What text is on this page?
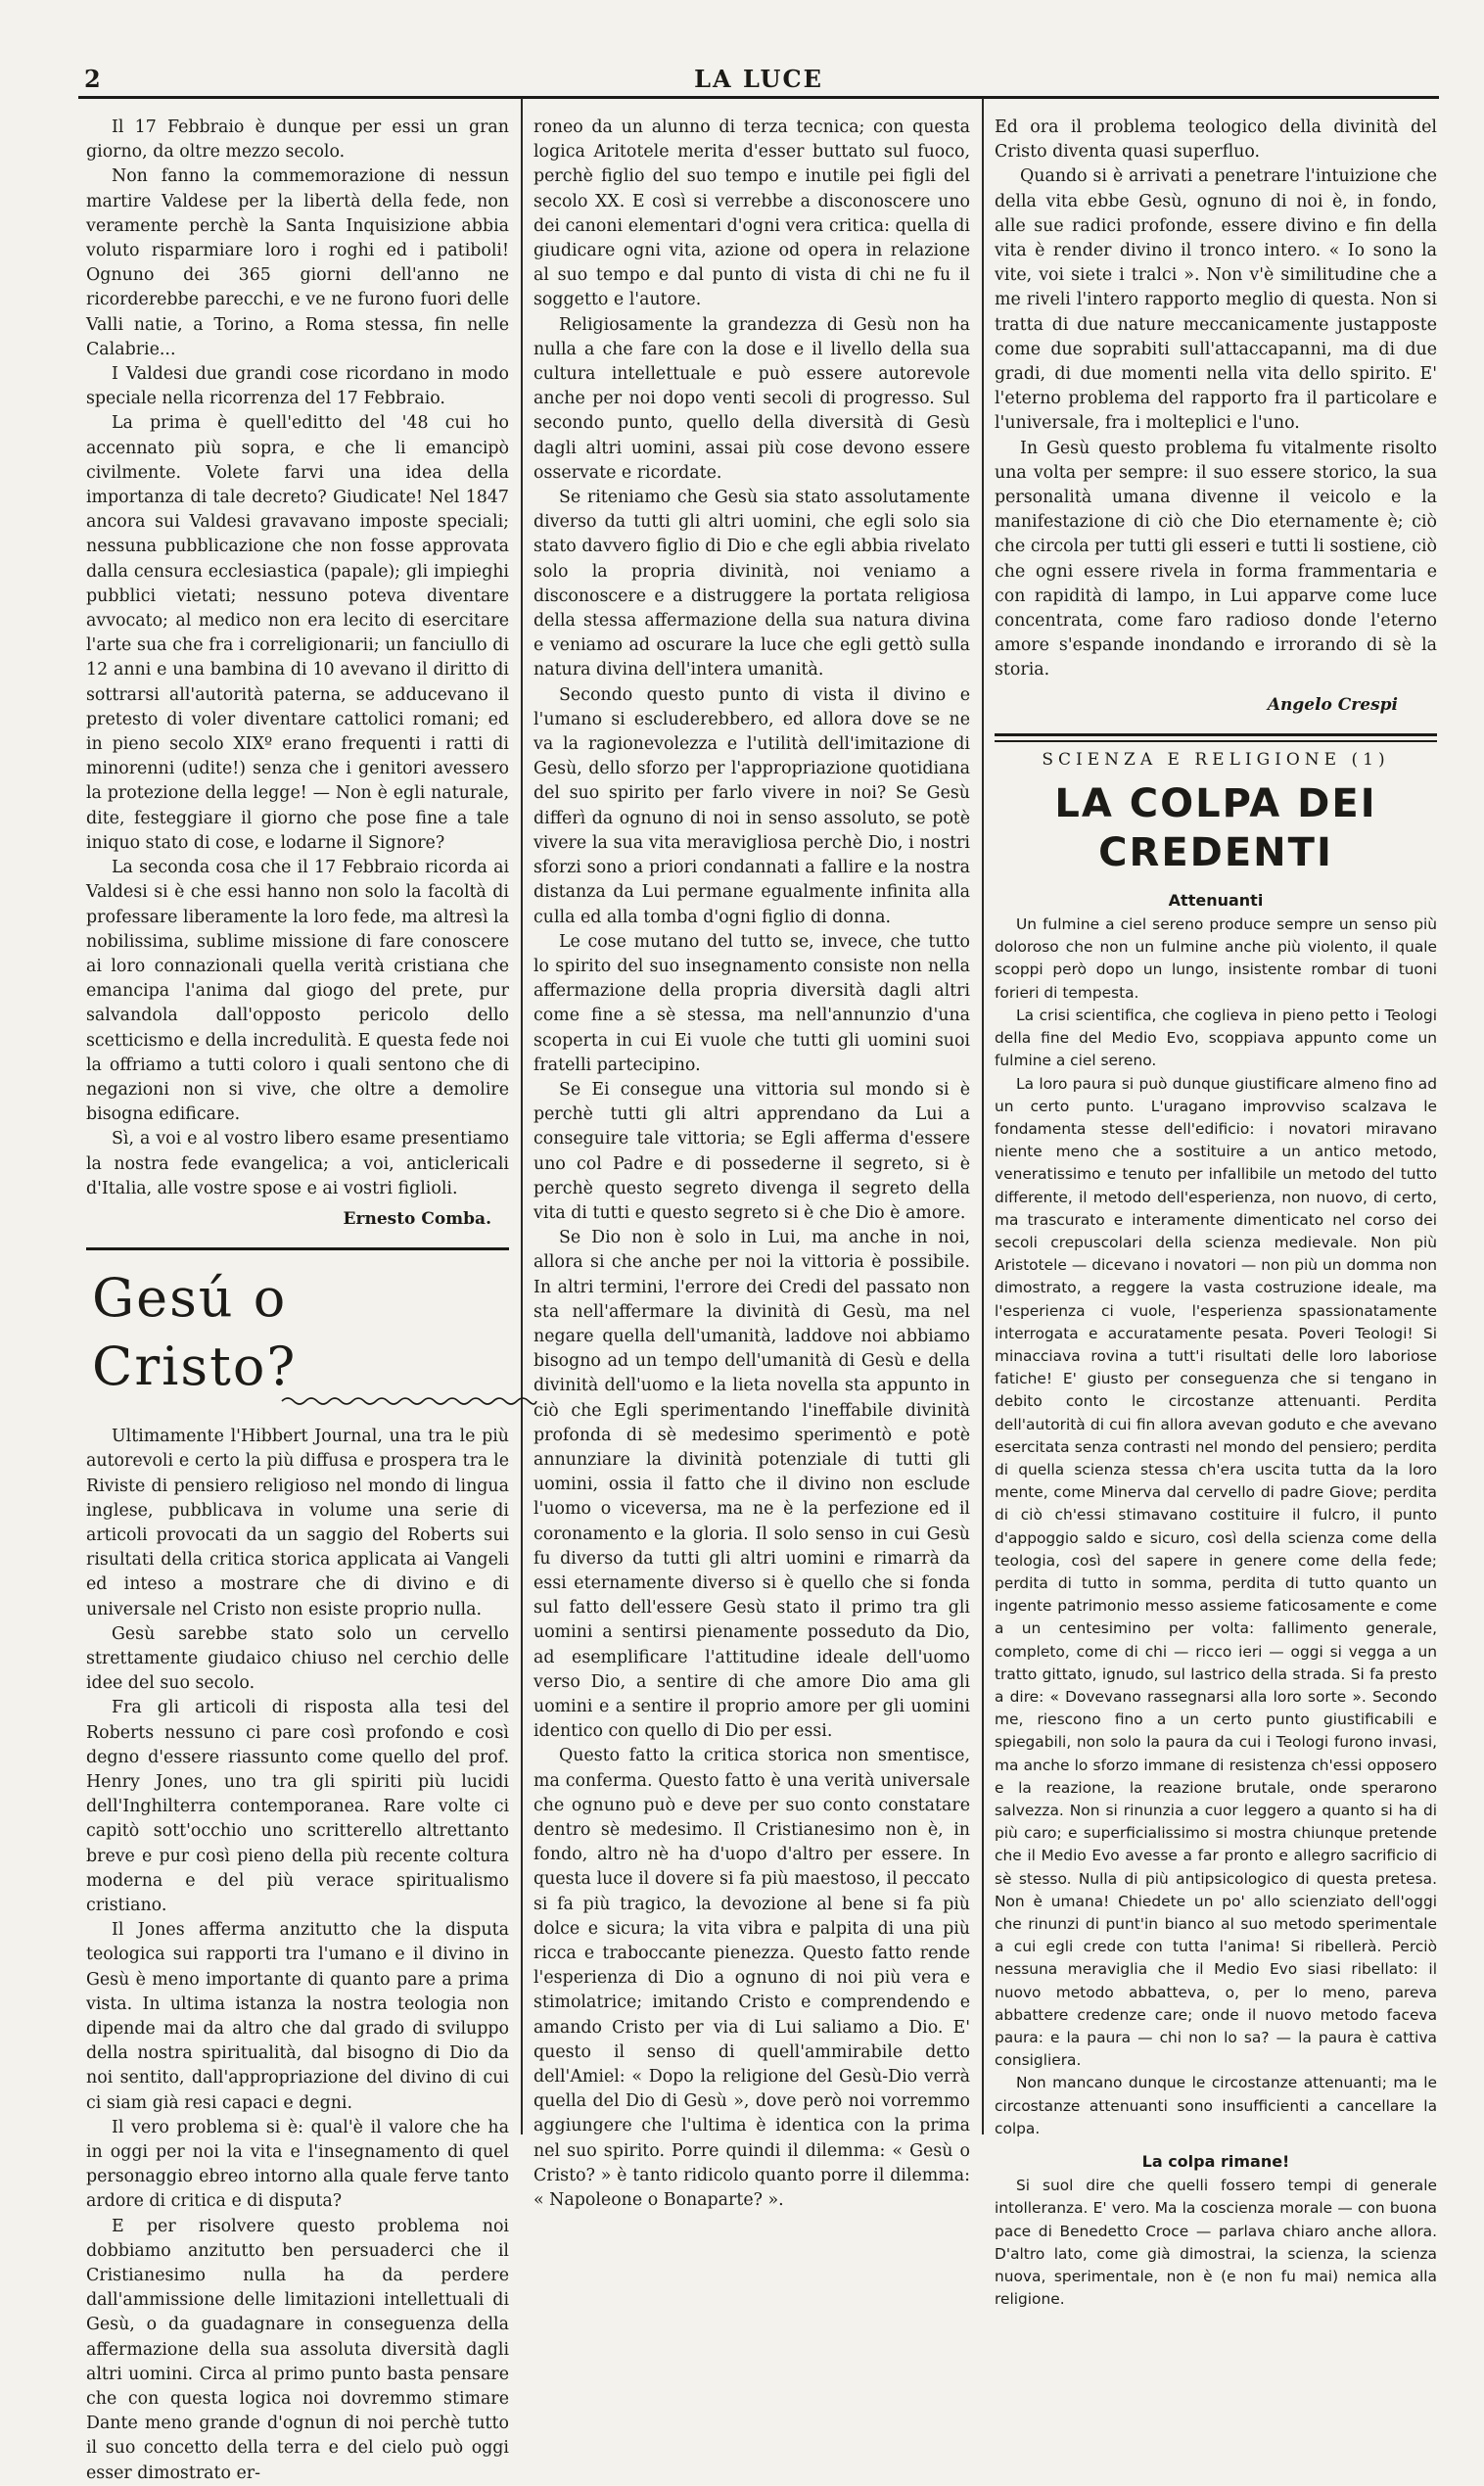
2	LA LUCE

Il 17 Febbraio è dunque per essi un gran giorno, da oltre mezzo secolo.

Non fanno la commemorazione di nessun martire Valdese per la libertà della fede, non veramente perchè la Santa Inquisizione abbia voluto risparmiare loro i roghi ed i patiboli! Ognuno dei 365 giorni dell'anno ne ricorderebbe parecchi, e ve ne furono fuori delle Valli natie, a Torino, a Roma stessa, fin nelle Calabrie...

I Valdesi due grandi cose ricordano in modo speciale nella ricorrenza del 17 Febbraio.

La prima è quell'editto del '48 cui ho accennato più sopra, e che li emancipò civilmente. Volete farvi una idea della importanza di tale decreto? Giudicate! Nel 1847 ancora sui Valdesi gravavano imposte speciali; nessuna pubblicazione che non fosse approvata dalla censura ecclesiastica (papale); gli impieghi pubblici vietati; nessuno poteva diventare avvocato; al medico non era lecito di esercitare l'arte sua che fra i correligionarii; un fanciullo di 12 anni e una bambina di 10 avevano il diritto di sottrarsi all'autorità paterna, se adducevano il pretesto di voler diventare cattolici romani; ed in pieno secolo XIXº erano frequenti i ratti di minorenni (udite!) senza che i genitori avessero la protezione della legge! — Non è egli naturale, dite, festeggiare il giorno che pose fine a tale iniquo stato di cose, e lodarne il Signore?

La seconda cosa che il 17 Febbraio ricorda ai Valdesi si è che essi hanno non solo la facoltà di professare liberamente la loro fede, ma altresì la nobilissima, sublime missione di fare conoscere ai loro connazionali quella verità cristiana che emancipa l'anima dal giogo del prete, pur salvandola dall'opposto pericolo dello scetticismo e della incredulità. E questa fede noi la offriamo a tutti coloro i quali sentono che di negazioni non si vive, che oltre a demolire bisogna edificare.

Sì, a voi e al vostro libero esame presentiamo la nostra fede evangelica; a voi, anticlericali d'Italia, alle vostre spose e ai vostri figlioli.

Ernesto Comba.

Gesú o Cristo?

Ultimamente l'Hibbert Journal, una tra le più autorevoli e certo la più diffusa e prospera tra le Riviste di pensiero religioso nel mondo di lingua inglese, pubblicava in volume una serie di articoli provocati da un saggio del Roberts sui risultati della critica storica applicata ai Vangeli ed inteso a mostrare che di divino e di universale nel Cristo non esiste proprio nulla.

Gesù sarebbe stato solo un cervello strettamente giudaico chiuso nel cerchio delle idee del suo secolo.

Fra gli articoli di risposta alla tesi del Roberts nessuno ci pare così profondo e così degno d'essere riassunto come quello del prof. Henry Jones, uno tra gli spiriti più lucidi dell'Inghilterra contemporanea. Rare volte ci capitò sott'occhio uno scritterello altrettanto breve e pur così pieno della più recente coltura moderna e del più verace spiritualismo cristiano.

Il Jones afferma anzitutto che la disputa teologica sui rapporti tra l'umano e il divino in Gesù è meno importante di quanto pare a prima vista. In ultima istanza la nostra teologia non dipende mai da altro che dal grado di sviluppo della nostra spiritualità, dal bisogno di Dio da noi sentito, dall'appropriazione del divino di cui ci siam già resi capaci e degni.

Il vero problema si è: qual'è il valore che ha in oggi per noi la vita e l'insegnamento di quel personaggio ebreo intorno alla quale ferve tanto ardore di critica e di disputa?

E per risolvere questo problema noi dobbiamo anzitutto ben persuaderci che il Cristianesimo nulla ha da perdere dall'ammissione delle limitazioni intellettuali di Gesù, o da guadagnare in conseguenza della affermazione della sua assoluta diversità dagli altri uomini. Circa al primo punto basta pensare che con questa logica noi dovremmo stimare Dante meno grande d'ognun di noi perchè tutto il suo concetto della terra e del cielo può oggi esser dimostrato er-

roneo da un alunno di terza tecnica; con questa logica Aritotele merita d'esser buttato sul fuoco, perchè figlio del suo tempo e inutile pei figli del secolo XX. E così si verrebbe a disconoscere uno dei canoni elementari d'ogni vera critica: quella di giudicare ogni vita, azione od opera in relazione al suo tempo e dal punto di vista di chi ne fu il soggetto e l'autore.

Religiosamente la grandezza di Gesù non ha nulla a che fare con la dose e il livello della sua cultura intellettuale e può essere autorevole anche per noi dopo venti secoli di progresso. Sul secondo punto, quello della diversità di Gesù dagli altri uomini, assai più cose devono essere osservate e ricordate.

Se riteniamo che Gesù sia stato assolutamente diverso da tutti gli altri uomini, che egli solo sia stato davvero figlio di Dio e che egli abbia rivelato solo la propria divinità, noi veniamo a disconoscere e a distruggere la portata religiosa della stessa affermazione della sua natura divina e veniamo ad oscurare la luce che egli gettò sulla natura divina dell'intera umanità.

Secondo questo punto di vista il divino e l'umano si escluderebbero, ed allora dove se ne va la ragionevolezza e l'utilità dell'imitazione di Gesù, dello sforzo per l'appropriazione quotidiana del suo spirito per farlo vivere in noi? Se Gesù differì da ognuno di noi in senso assoluto, se potè vivere la sua vita meravigliosa perchè Dio, i nostri sforzi sono a priori condannati a fallire e la nostra distanza da Lui permane egualmente infinita alla culla ed alla tomba d'ogni figlio di donna.

Le cose mutano del tutto se, invece, che tutto lo spirito del suo insegnamento consiste non nella affermazione della propria diversità dagli altri come fine a sè stessa, ma nell'annunzio d'una scoperta in cui Ei vuole che tutti gli uomini suoi fratelli partecipino.

Se Ei consegue una vittoria sul mondo si è perchè tutti gli altri apprendano da Lui a conseguire tale vittoria; se Egli afferma d'essere uno col Padre e di possederne il segreto, si è perchè questo segreto divenga il segreto della vita di tutti e questo segreto si è che Dio è amore.

Se Dio non è solo in Lui, ma anche in noi, allora si che anche per noi la vittoria è possibile. In altri termini, l'errore dei Credi del passato non sta nell'affermare la divinità di Gesù, ma nel negare quella dell'umanità, laddove noi abbiamo bisogno ad un tempo dell'umanità di Gesù e della divinità dell'uomo e la lieta novella sta appunto in ciò che Egli sperimentando l'ineffabile divinità profonda di sè medesimo sperimentò e potè annunziare la divinità potenziale di tutti gli uomini, ossia il fatto che il divino non esclude l'uomo o viceversa, ma ne è la perfezione ed il coronamento e la gloria. Il solo senso in cui Gesù fu diverso da tutti gli altri uomini e rimarrà da essi eternamente diverso si è quello che si fonda sul fatto dell'essere Gesù stato il primo tra gli uomini a sentirsi pienamente posseduto da Dio, ad esemplificare l'attitudine ideale dell'uomo verso Dio, a sentire di che amore Dio ama gli uomini e a sentire il proprio amore per gli uomini identico con quello di Dio per essi.

Questo fatto la critica storica non smentisce, ma conferma. Questo fatto è una verità universale che ognuno può e deve per suo conto constatare dentro sè medesimo. Il Cristianesimo non è, in fondo, altro nè ha d'uopo d'altro per essere. In questa luce il dovere si fa più maestoso, il peccato si fa più tragico, la devozione al bene si fa più dolce e sicura; la vita vibra e palpita di una più ricca e traboccante pienezza. Questo fatto rende l'esperienza di Dio a ognuno di noi più vera e stimolatrice; imitando Cristo e comprendendo e amando Cristo per via di Lui saliamo a Dio. E' questo il senso di quell'ammirabile detto dell'Amiel: « Dopo la religione del Gesù-Dio verrà quella del Dio di Gesù », dove però noi vorremmo aggiungere che l'ultima è identica con la prima nel suo spirito. Porre quindi il dilemma: « Gesù o Cristo? » è tanto ridicolo quanto porre il dilemma: « Napoleone o Bonaparte? ».

Ed ora il problema teologico della divinità del Cristo diventa quasi superfluo.

Quando si è arrivati a penetrare l'intuizione che della vita ebbe Gesù, ognuno di noi è, in fondo, alle sue radici profonde, essere divino e fin della vita è render divino il tronco intero. « Io sono la vite, voi siete i tralci ». Non v'è similitudine che a me riveli l'intero rapporto meglio di questa. Non si tratta di due nature meccanicamente justapposte come due soprabiti sull'attaccapanni, ma di due gradi, di due momenti nella vita dello spirito. E' l'eterno problema del rapporto fra il particolare e l'universale, fra i molteplici e l'uno.

In Gesù questo problema fu vitalmente risolto una volta per sempre: il suo essere storico, la sua personalità umana divenne il veicolo e la manifestazione di ciò che Dio eternamente è; ciò che circola per tutti gli esseri e tutti li sostiene, ciò che ogni essere rivela in forma frammentaria e con rapidità di lampo, in Lui apparve come luce concentrata, come faro radioso donde l'eterno amore s'espande inondando e irrorando di sè la storia.

Angelo Crespi

SCIENZA E RELIGIONE (1)
LA COLPA DEI CREDENTI

Attenuanti

Un fulmine a ciel sereno produce sempre un senso più doloroso che non un fulmine anche più violento, il quale scoppi però dopo un lungo, insistente rombar di tuoni forieri di tempesta.

La crisi scientifica, che coglieva in pieno petto i Teologi della fine del Medio Evo, scoppiava appunto come un fulmine a ciel sereno.

La loro paura si può dunque giustificare almeno fino ad un certo punto. L'uragano improvviso scalzava le fondamenta stesse dell'edificio: i novatori miravano niente meno che a sostituire a un antico metodo, veneratissimo e tenuto per infallibile un metodo del tutto differente, il metodo dell'esperienza, non nuovo, di certo, ma trascurato e interamente dimenticato nel corso dei secoli crepuscolari della scienza medievale. Non più Aristotele — dicevano i novatori — non più un domma non dimostrato, a reggere la vasta costruzione ideale, ma l'esperienza ci vuole, l'esperienza spassionatamente interrogata e accuratamente pesata. Poveri Teologi! Si minacciava rovina a tutt'i risultati delle loro laboriose fatiche! E' giusto per conseguenza che si tengano in debito conto le circostanze attenuanti. Perdita dell'autorità di cui fin allora avevan goduto e che avevano esercitata senza contrasti nel mondo del pensiero; perdita di quella scienza stessa ch'era uscita tutta da la loro mente, come Minerva dal cervello di padre Giove; perdita di ciò ch'essi stimavano costituire il fulcro, il punto d'appoggio saldo e sicuro, così della scienza come della teologia, così del sapere in genere come della fede; perdita di tutto in somma, perdita di tutto quanto un ingente patrimonio messo assieme faticosamente e come a un centesimino per volta: fallimento generale, completo, come di chi — ricco ieri — oggi si vegga a un tratto gittato, ignudo, sul lastrico della strada. Si fa presto a dire: « Dovevano rassegnarsi alla loro sorte ». Secondo me, riescono fino a un certo punto giustificabili e spiegabili, non solo la paura da cui i Teologi furono invasi, ma anche lo sforzo immane di resistenza ch'essi opposero e la reazione, la reazione brutale, onde sperarono salvezza. Non si rinunzia a cuor leggero a quanto si ha di più caro; e superficialissimo si mostra chiunque pretende che il Medio Evo avesse a far pronto e allegro sacrificio di sè stesso. Nulla di più antipsicologico di questa pretesa. Non è umana! Chiedete un po' allo scienziato dell'oggi che rinunzi di punt'in bianco al suo metodo sperimentale a cui egli crede con tutta l'anima! Si ribellerà. Perciò nessuna meraviglia che il Medio Evo siasi ribellato: il nuovo metodo abbatteva, o, per lo meno, pareva abbattere credenze care; onde il nuovo metodo faceva paura: e la paura — chi non lo sa? — la paura è cattiva consigliera.

Non mancano dunque le circostanze attenuanti; ma le circostanze attenuanti sono insufficienti a cancellare la colpa.

La colpa rimane!

Si suol dire che quelli fossero tempi di generale intolleranza. E' vero. Ma la coscienza morale — con buona pace di Benedetto Croce — parlava chiaro anche allora. D'altro lato, come già dimostrai, la scienza, la scienza nuova, sperimentale, non è (e non fu mai) nemica alla religione.
